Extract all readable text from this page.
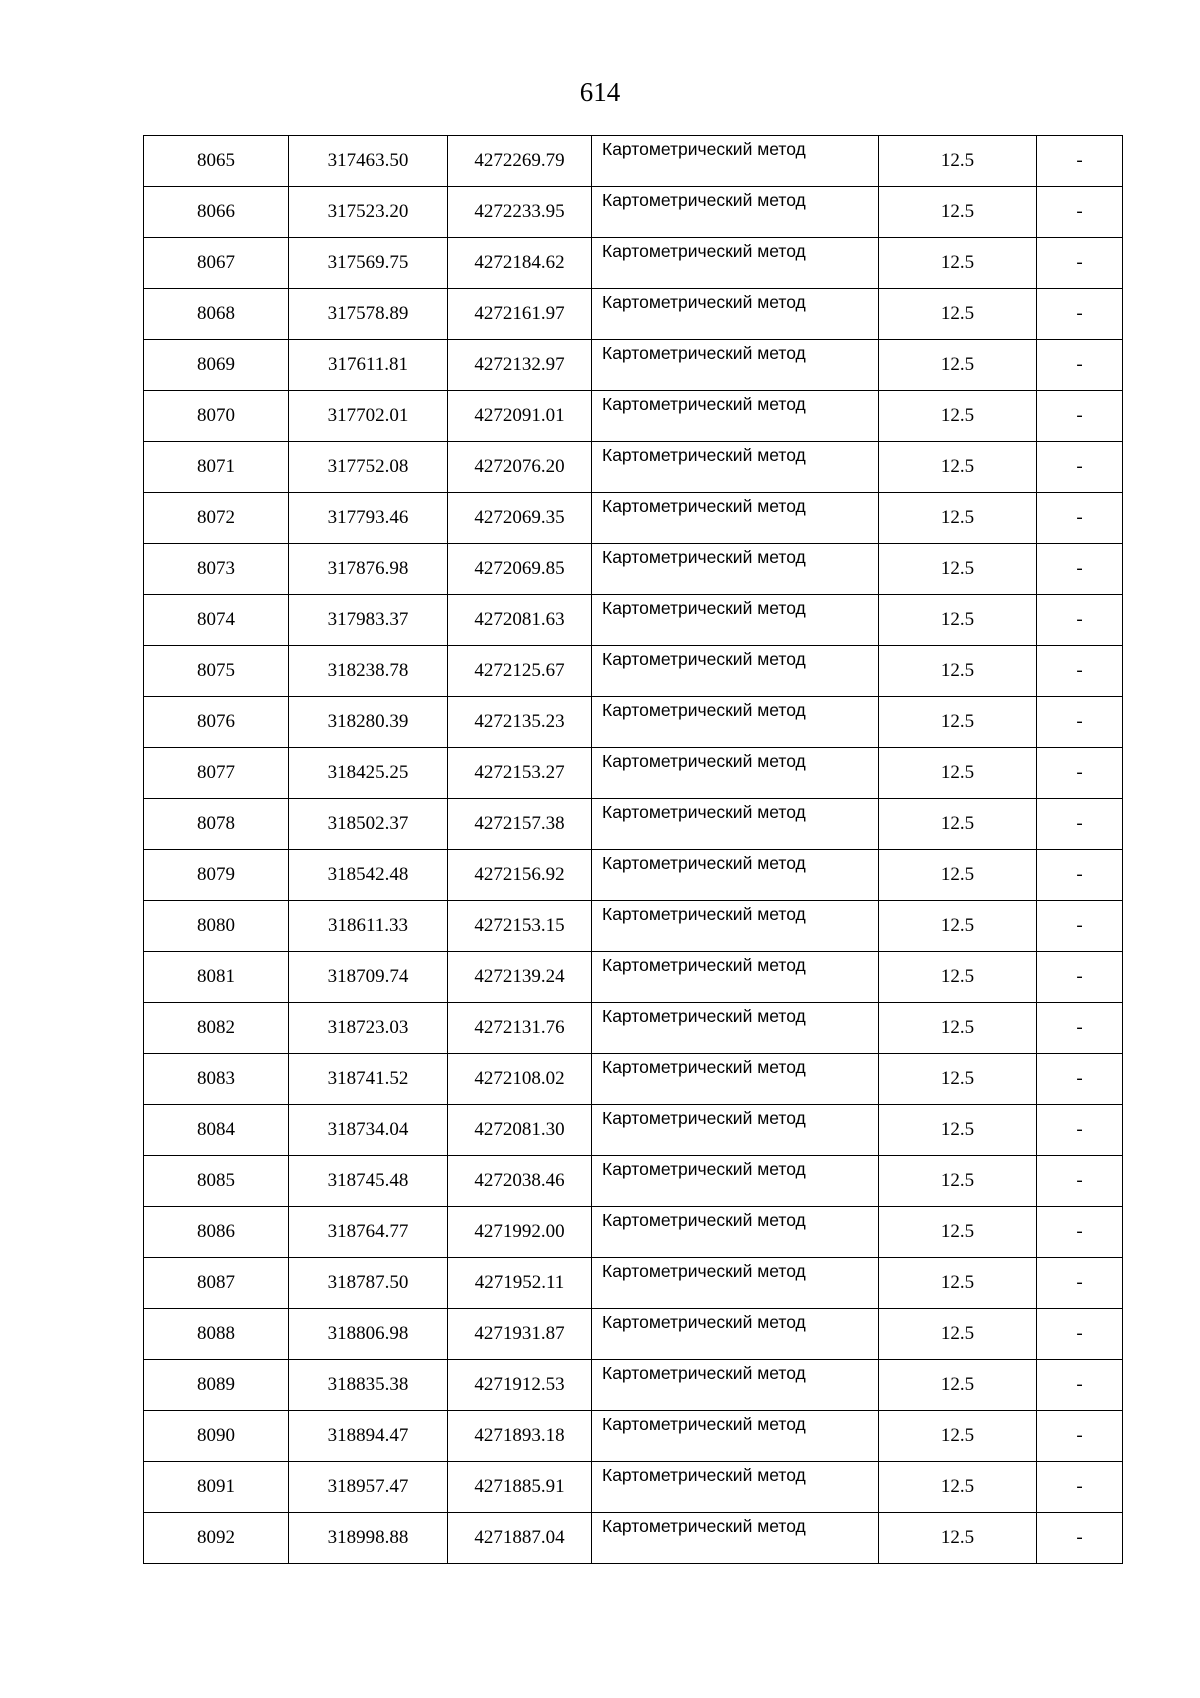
614
8065	317463.50	4272269.79	Картометрический метод	12.5	-
8066	317523.20	4272233.95	Картометрический метод	12.5	-
8067	317569.75	4272184.62	Картометрический метод	12.5	-
8068	317578.89	4272161.97	Картометрический метод	12.5	-
8069	317611.81	4272132.97	Картометрический метод	12.5	-
8070	317702.01	4272091.01	Картометрический метод	12.5	-
8071	317752.08	4272076.20	Картометрический метод	12.5	-
8072	317793.46	4272069.35	Картометрический метод	12.5	-
8073	317876.98	4272069.85	Картометрический метод	12.5	-
8074	317983.37	4272081.63	Картометрический метод	12.5	-
8075	318238.78	4272125.67	Картометрический метод	12.5	-
8076	318280.39	4272135.23	Картометрический метод	12.5	-
8077	318425.25	4272153.27	Картометрический метод	12.5	-
8078	318502.37	4272157.38	Картометрический метод	12.5	-
8079	318542.48	4272156.92	Картометрический метод	12.5	-
8080	318611.33	4272153.15	Картометрический метод	12.5	-
8081	318709.74	4272139.24	Картометрический метод	12.5	-
8082	318723.03	4272131.76	Картометрический метод	12.5	-
8083	318741.52	4272108.02	Картометрический метод	12.5	-
8084	318734.04	4272081.30	Картометрический метод	12.5	-
8085	318745.48	4272038.46	Картометрический метод	12.5	-
8086	318764.77	4271992.00	Картометрический метод	12.5	-
8087	318787.50	4271952.11	Картометрический метод	12.5	-
8088	318806.98	4271931.87	Картометрический метод	12.5	-
8089	318835.38	4271912.53	Картометрический метод	12.5	-
8090	318894.47	4271893.18	Картометрический метод	12.5	-
8091	318957.47	4271885.91	Картометрический метод	12.5	-
8092	318998.88	4271887.04	Картометрический метод	12.5	-
